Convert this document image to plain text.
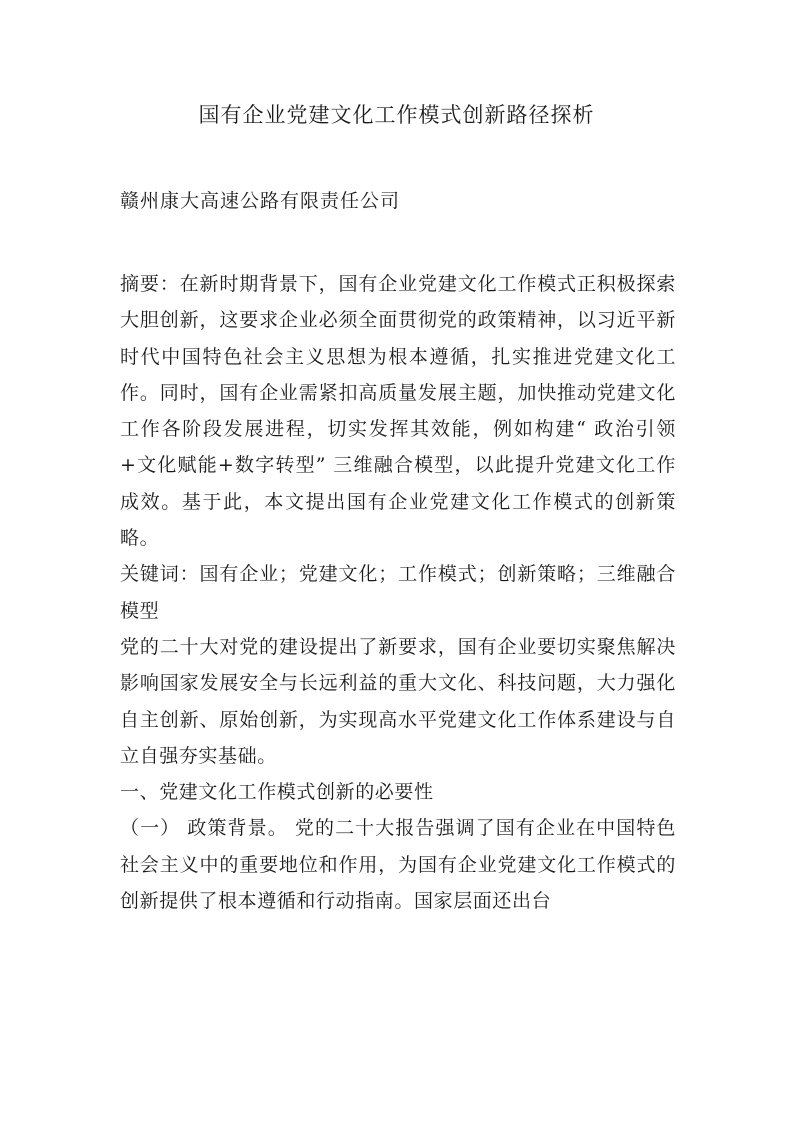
国有企业党建文化工作模式创新路径探析

赣州康大高速公路有限责任公司

摘要：在新时期背景下，国有企业党建文化工作模式正积极探索大胆创新，这要求企业必须全面贯彻党的政策精神，以习近平新时代中国特色社会主义思想为根本遵循，扎实推进党建文化工作。同时，国有企业需紧扣高质量发展主题，加快推动党建文化工作各阶段发展进程，切实发挥其效能，例如构建“ 政治引领+文化赋能+数字转型” 三维融合模型，以此提升党建文化工作成效。基于此，本文提出国有企业党建文化工作模式的创新策略。

关键词：国有企业；党建文化；工作模式；创新策略；三维融合模型

党的二十大对党的建设提出了新要求，国有企业要切实聚焦解决影响国家发展安全与长远利益的重大文化、科技问题，大力强化自主创新、原始创新，为实现高水平党建文化工作体系建设与自立自强夯实基础。

一、党建文化工作模式创新的必要性

（一） 政策背景。 党的二十大报告强调了国有企业在中国特色社会主义中的重要地位和作用，为国有企业党建文化工作模式的创新提供了根本遵循和行动指南。国家层面还出台
